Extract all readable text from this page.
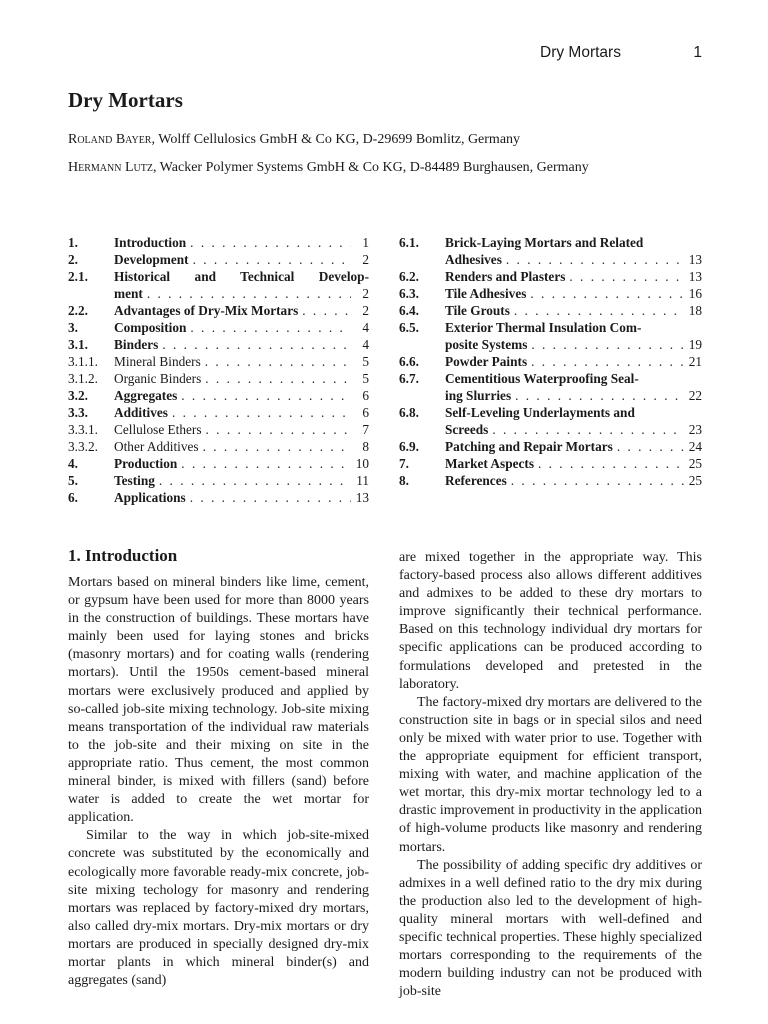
Dry Mortars	1
Dry Mortars
Roland Bayer, Wolff Cellulosics GmbH & Co KG, D-29699 Bomlitz, Germany
Hermann Lutz, Wacker Polymer Systems GmbH & Co KG, D-84489 Burghausen, Germany
1.	Introduction . . .	1
2.	Development . . .	2
2.1. Historical and Technical Develop-
ment . . .	2
2.2. Advantages of Dry-Mix Mortars . . .	2
3.	Composition . . .	4
3.1. Binders . . .	4
3.1.1. Mineral Binders . . .	5
3.1.2. Organic Binders . . .	5
3.2. Aggregates . . .	6
3.3. Additives . . .	6
3.3.1. Cellulose Ethers . . .	7
3.3.2. Other Additives . . .	8
4.	Production . . .	10
5.	Testing . . .	11
6.	Applications . . .	13
6.1. Brick-Laying Mortars and Related
Adhesives . . .	13
6.2. Renders and Plasters . . .	13
6.3. Tile Adhesives . . .	16
6.4. Tile Grouts . . .	18
6.5. Exterior Thermal Insulation Com-
posite Systems . . .	19
6.6. Powder Paints . . .	21
6.7. Cementitious Waterproofing Seal-
ing Slurries . . .	22
6.8. Self-Leveling Underlayments and
Screeds . . .	23
6.9. Patching and Repair Mortars . . .	24
7.	Market Aspects . . .	25
8.	References . . .	25
1. Introduction

Mortars based on mineral binders like lime, cement, or gypsum have been used for more than 8000 years in the construction of buildings. These mortars have mainly been used for laying stones and bricks (masonry mortars) and for coating walls (rendering mortars). Until the 1950s cement-based mineral mortars were exclusively produced and applied by so-called job-site mixing technology. Job-site mixing means transportation of the individual raw materials to the job-site and their mixing on site in the appropriate ratio. Thus cement, the most common mineral binder, is mixed with fillers (sand) before water is added to create the wet mortar for application.

Similar to the way in which job-site-mixed concrete was substituted by the economically and ecologically more favorable ready-mix concrete, job-site mixing techology for masonry and rendering mortars was replaced by factory-mixed dry mortars, also called dry-mix mortars. Dry-mix mortars or dry mortars are produced in specially designed dry-mix mortar plants in which mineral binder(s) and aggregates (sand)

are mixed together in the appropriate way. This factory-based process also allows different additives and admixes to be added to these dry mortars to improve significantly their technical performance. Based on this technology individual dry mortars for specific applications can be produced according to formulations developed and pretested in the laboratory.

The factory-mixed dry mortars are delivered to the construction site in bags or in special silos and need only be mixed with water prior to use. Together with the appropriate equipment for efficient transport, mixing with water, and machine application of the wet mortar, this dry-mix mortar technology led to a drastic improvement in productivity in the application of high-volume products like masonry and rendering mortars.

The possibility of adding specific dry additives or admixes in a well defined ratio to the dry mix during the production also led to the development of high-quality mineral mortars with well-defined and specific technical properties. These highly specialized mortars corresponding to the requirements of the modern building industry can not be produced with job-site
